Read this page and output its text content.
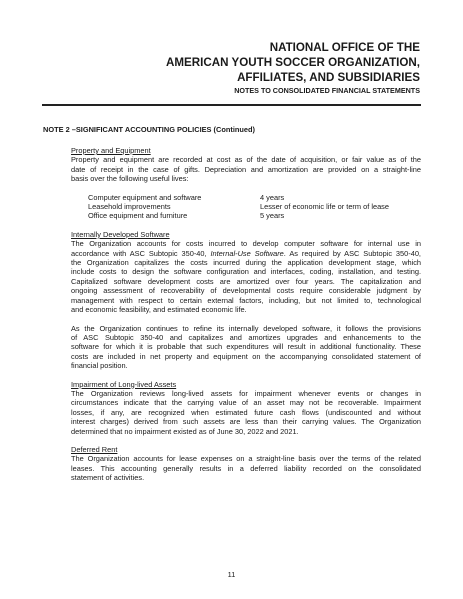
NATIONAL OFFICE OF THE
AMERICAN YOUTH SOCCER ORGANIZATION,
AFFILIATES, AND SUBSIDIARIES
NOTES TO CONSOLIDATED FINANCIAL STATEMENTS
NOTE 2 –SIGNIFICANT ACCOUNTING POLICIES (Continued)
Property and Equipment
Property and equipment are recorded at cost as of the date of acquisition, or fair value as of the
date of receipt in the case of gifts. Depreciation and amortization are provided on a straight-line
basis over the following useful lives:
Computer equipment and software	4 years
Leasehold improvements	Lesser of economic life or term of lease
Office equipment and furniture	5 years
Internally Developed Software
The Organization accounts for costs incurred to develop computer software for internal use in
accordance with ASC Subtopic 350-40, Internal-Use Software. As required by ASC Subtopic 350-40,
the Organization capitalizes the costs incurred during the application development stage, which
include costs to design the software configuration and interfaces, coding, installation, and testing.
Capitalized software development costs are amortized over four years. The capitalization and
ongoing assessment of recoverability of developmental costs require considerable judgment by
management with respect to certain external factors, including, but not limited to, technological
and economic feasibility, and estimated economic life.
As the Organization continues to refine its internally developed software, it follows the provisions
of ASC Subtopic 350-40 and capitalizes and amortizes upgrades and enhancements to the
software for which it is probable that such expenditures will result in additional functionality. These
costs are included in net property and equipment on the accompanying consolidated statement of
financial position.
Impairment of Long-lived Assets
The Organization reviews long-lived assets for impairment whenever events or changes in
circumstances indicate that the carrying value of an asset may not be recoverable. Impairment
losses, if any, are recognized when estimated future cash flows (undiscounted and without
interest charges) derived from such assets are less than their carrying values. The Organization
determined that no impairment existed as of June 30, 2022 and 2021.
Deferred Rent
The Organization accounts for lease expenses on a straight-line basis over the terms of the related
leases. This accounting generally results in a deferred liability recorded on the consolidated
statement of activities.
11
